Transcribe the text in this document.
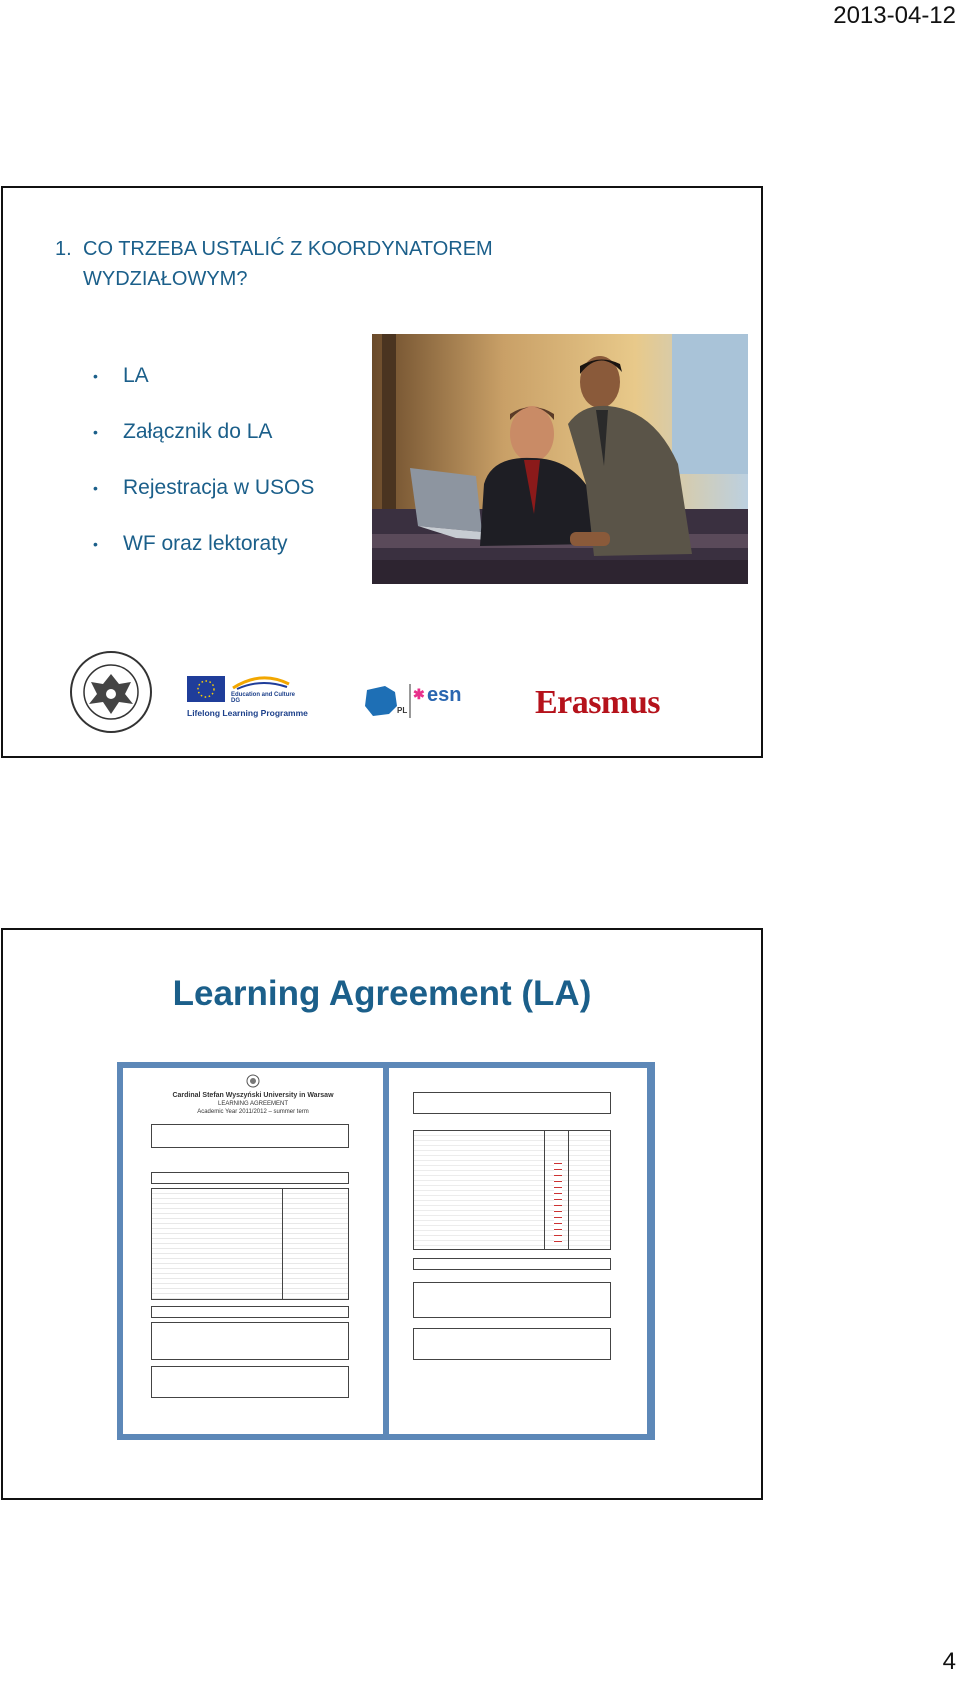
2013-04-12
1. CO TRZEBA USTALIĆ Z KOORDYNATOREM
WYDZIAŁOWYM?
• LA
• Załącznik do LA
• Rejestracja w USOS
• WF oraz lektoraty
Education and Culture DG
Lifelong Learning Programme	PL
✱ esn Erasmus
Learning Agreement (LA)
Cardinal Stefan Wyszyński University in Warsaw
LEARNING AGREEMENT
Academic Year 2011/2012 – summer term
4
